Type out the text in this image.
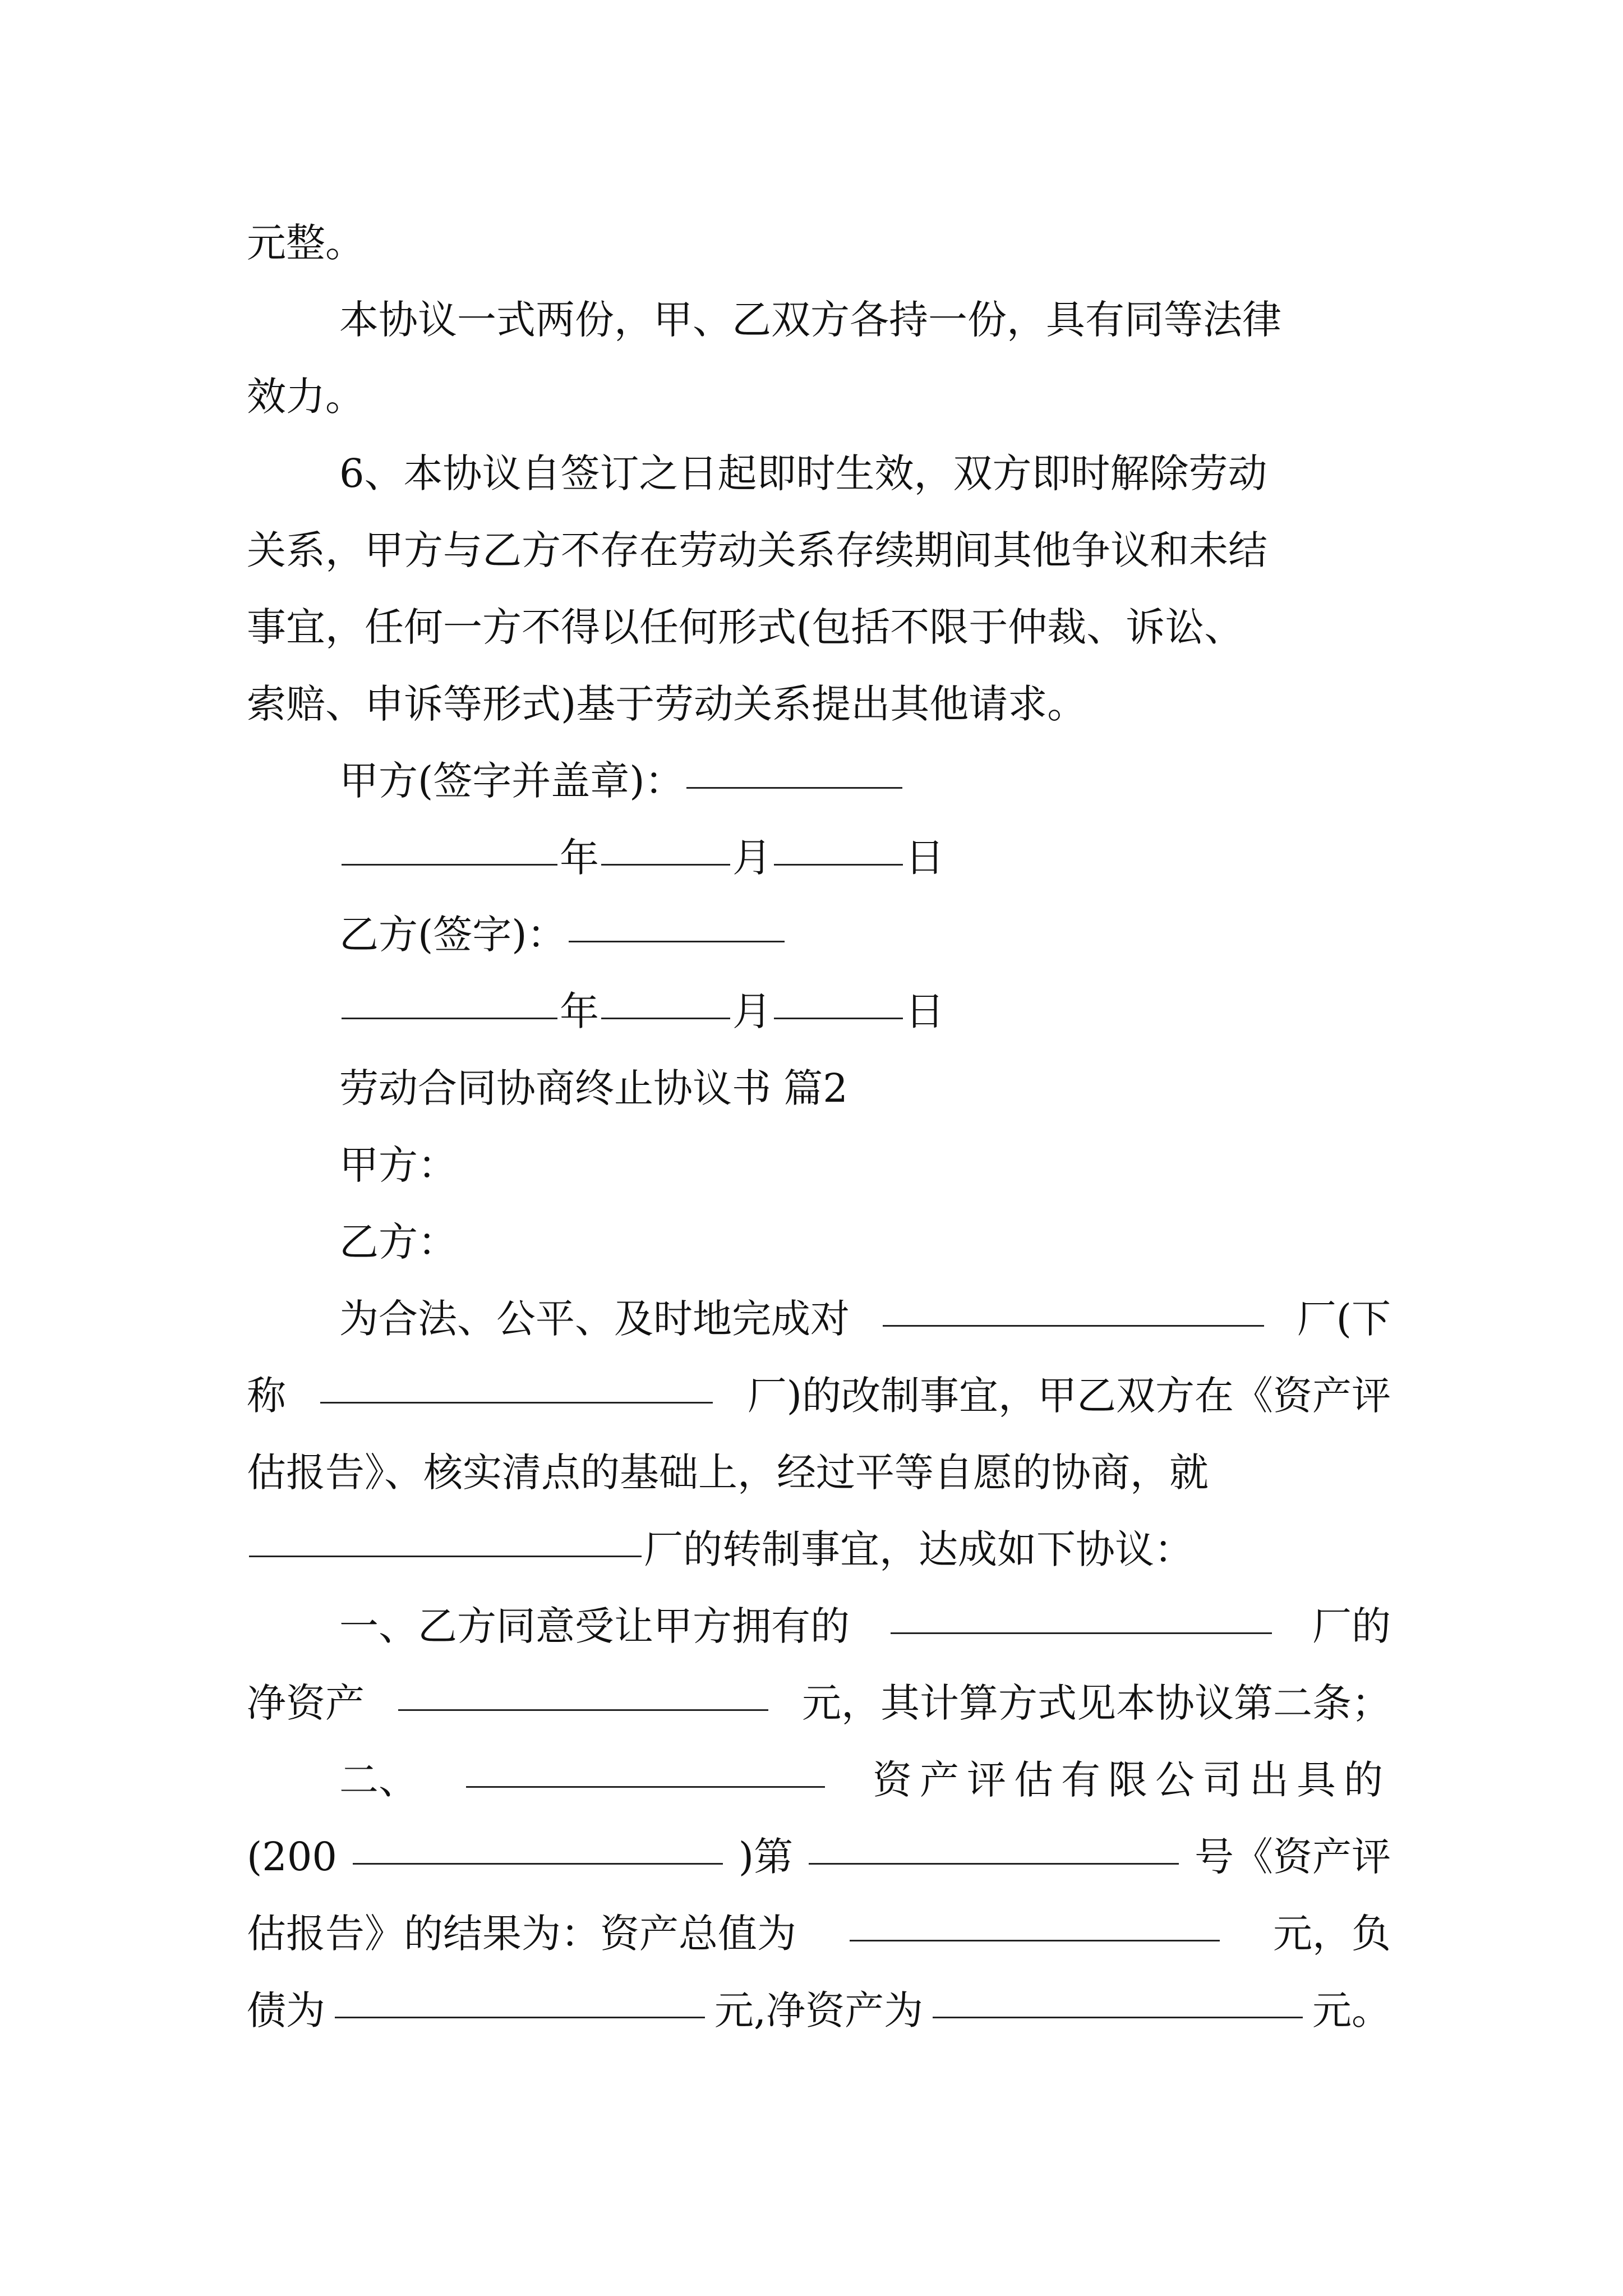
元整。
本协议一式两份，甲、乙双方各持一份，具有同等法律
效力。
6、本协议自签订之日起即时生效，双方即时解除劳动
关系，甲方与乙方不存在劳动关系存续期间其他争议和未结
事宜，任何一方不得以任何形式(包括不限于仲裁、诉讼、
索赔、申诉等形式)基于劳动关系提出其他请求。
甲方(签字并盖章)：
年	月	日
乙方(签字)：
年	月	日
劳动合同协商终止协议书 篇2
甲方：
乙方：
为合法、公平、及时地完成对	厂(下
称	厂)的改制事宜，甲乙双方在《资产评
估报告》、核实清点的基础上，经过平等自愿的协商，就
厂的转制事宜，达成如下协议：
一、乙方同意受让甲方拥有的	厂的
净资产	元，其计算方式见本协议第二条；
二、	资产评估有限公司出具的
(200	)第	号《资产评
估报告》的结果为：资产总值为	元，负
债为	元,净资产为	元。
